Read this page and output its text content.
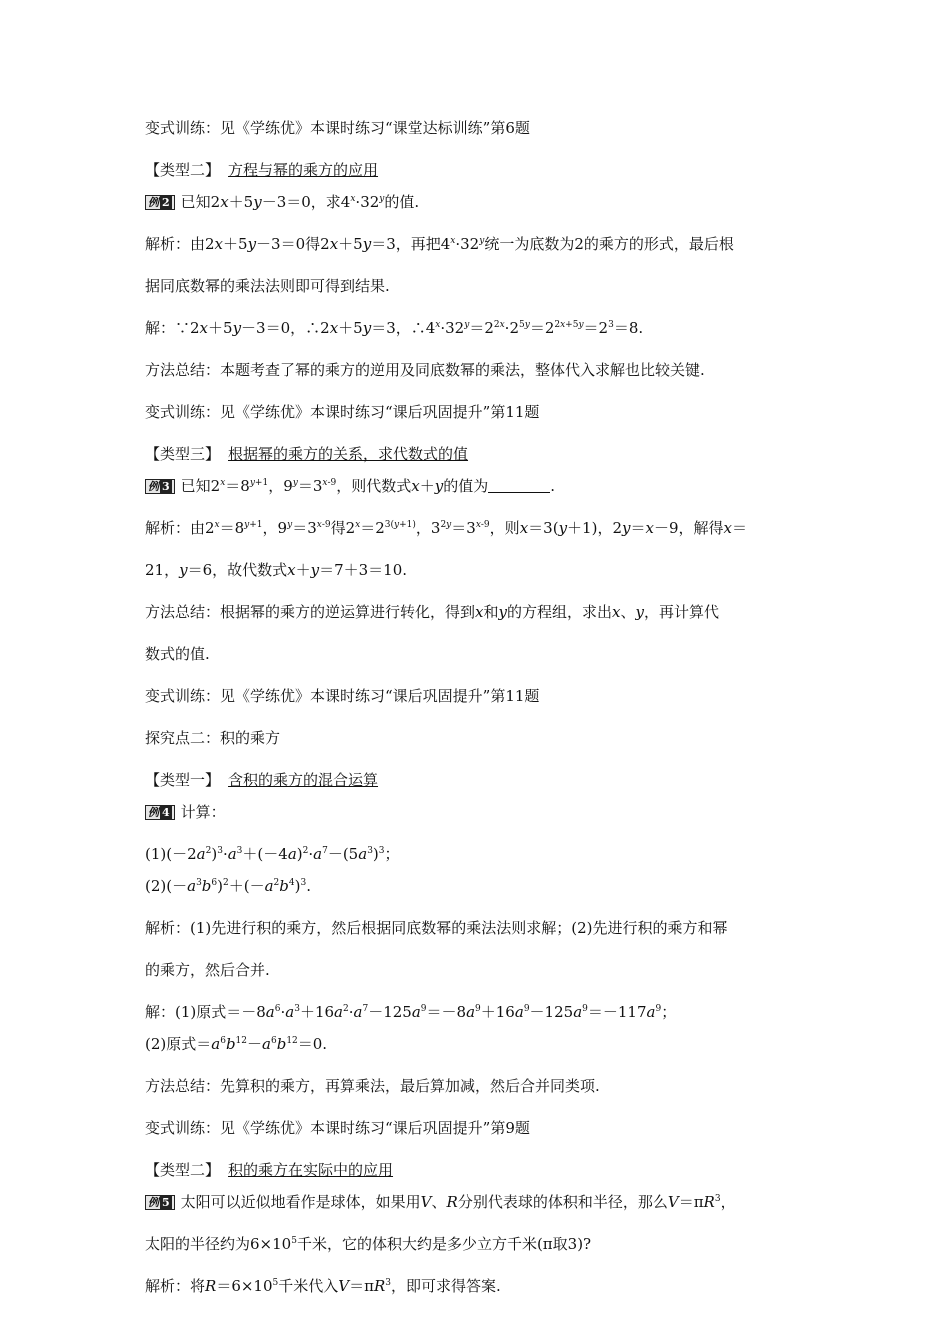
变式训练：见《学练优》本课时练习“课堂达标训练”第6题

【类型二】 方程与幂的乘方的应用

例 2 已知2x＋5y－3＝0，求$4^x\cdot 32^y$的值.

解析：由2x＋5y－3＝0得2x＋5y＝3，再把$4^x\cdot 32^y$统一为底数为2的乘方的形式，最后根

据同底数幂的乘法法则即可得到结果.

解：∵2x＋5y－3＝0，∴2x＋5y＝3，$\therefore 4^x\cdot 32^y=2^{2x}\cdot 2^{5y}=2^{2x+5y}=2^3=8$.

方法总结：本题考查了幂的乘方的逆用及同底数幂的乘法，整体代入求解也比较关键.

变式训练：见《学练优》本课时练习“课后巩固提升”第11题

【类型三】 根据幂的乘方的关系，求代数式的值

例 3 已知$2^x=8^{y+1}$，$9^y=3^{x-9}$，则代数式x＋y的值为	.

解析：由$2^x=8^{y+1}$，$9^y=3^{x-9}$得$2^x=2^{3(y+1)}$，$3^{2y}=3^{x-9}$，则x＝3(y＋1)，2y＝x－9，解得x＝

21，y＝6，故代数式x＋y＝7＋3＝10.

方法总结：根据幂的乘方的逆运算进行转化，得到x和y的方程组，求出x、y，再计算代

数式的值.

变式训练：见《学练优》本课时练习“课后巩固提升”第11题

探究点二：积的乘方

【类型一】 含积的乘方的混合运算

例 4 计算：

$(1)(-2a^2)^3\cdot a^3+(-4a)^2\cdot a^7-(5a^3)^3$；

$(2)(-a^3b^6)^2+(-a^2b^4)^3$.

解析：(1)先进行积的乘方，然后根据同底数幂的乘法法则求解；(2)先进行积的乘方和幂

的乘方，然后合并.

解：(1)原式$=-8a^6\cdot a^3+16a^2\cdot a^7-125a^9=-8a^9+16a^9-125a^9=-117a^9$；

(2)原式$=a^6b^{12}-a^6b^{12}=0$.

方法总结：先算积的乘方，再算乘法，最后算加减，然后合并同类项.

变式训练：见《学练优》本课时练习“课后巩固提升”第9题

【类型二】 积的乘方在实际中的应用

例 5 太阳可以近似地看作是球体，如果用V、R分别代表球的体积和半径，那么$V=\pi R^3$，

太阳的半径约为$6\times 10^5$千米，它的体积大约是多少立方千米(π取3)?

解析：将$R=6\times 10^5$千米代入$V=\pi R^3$，即可求得答案.
